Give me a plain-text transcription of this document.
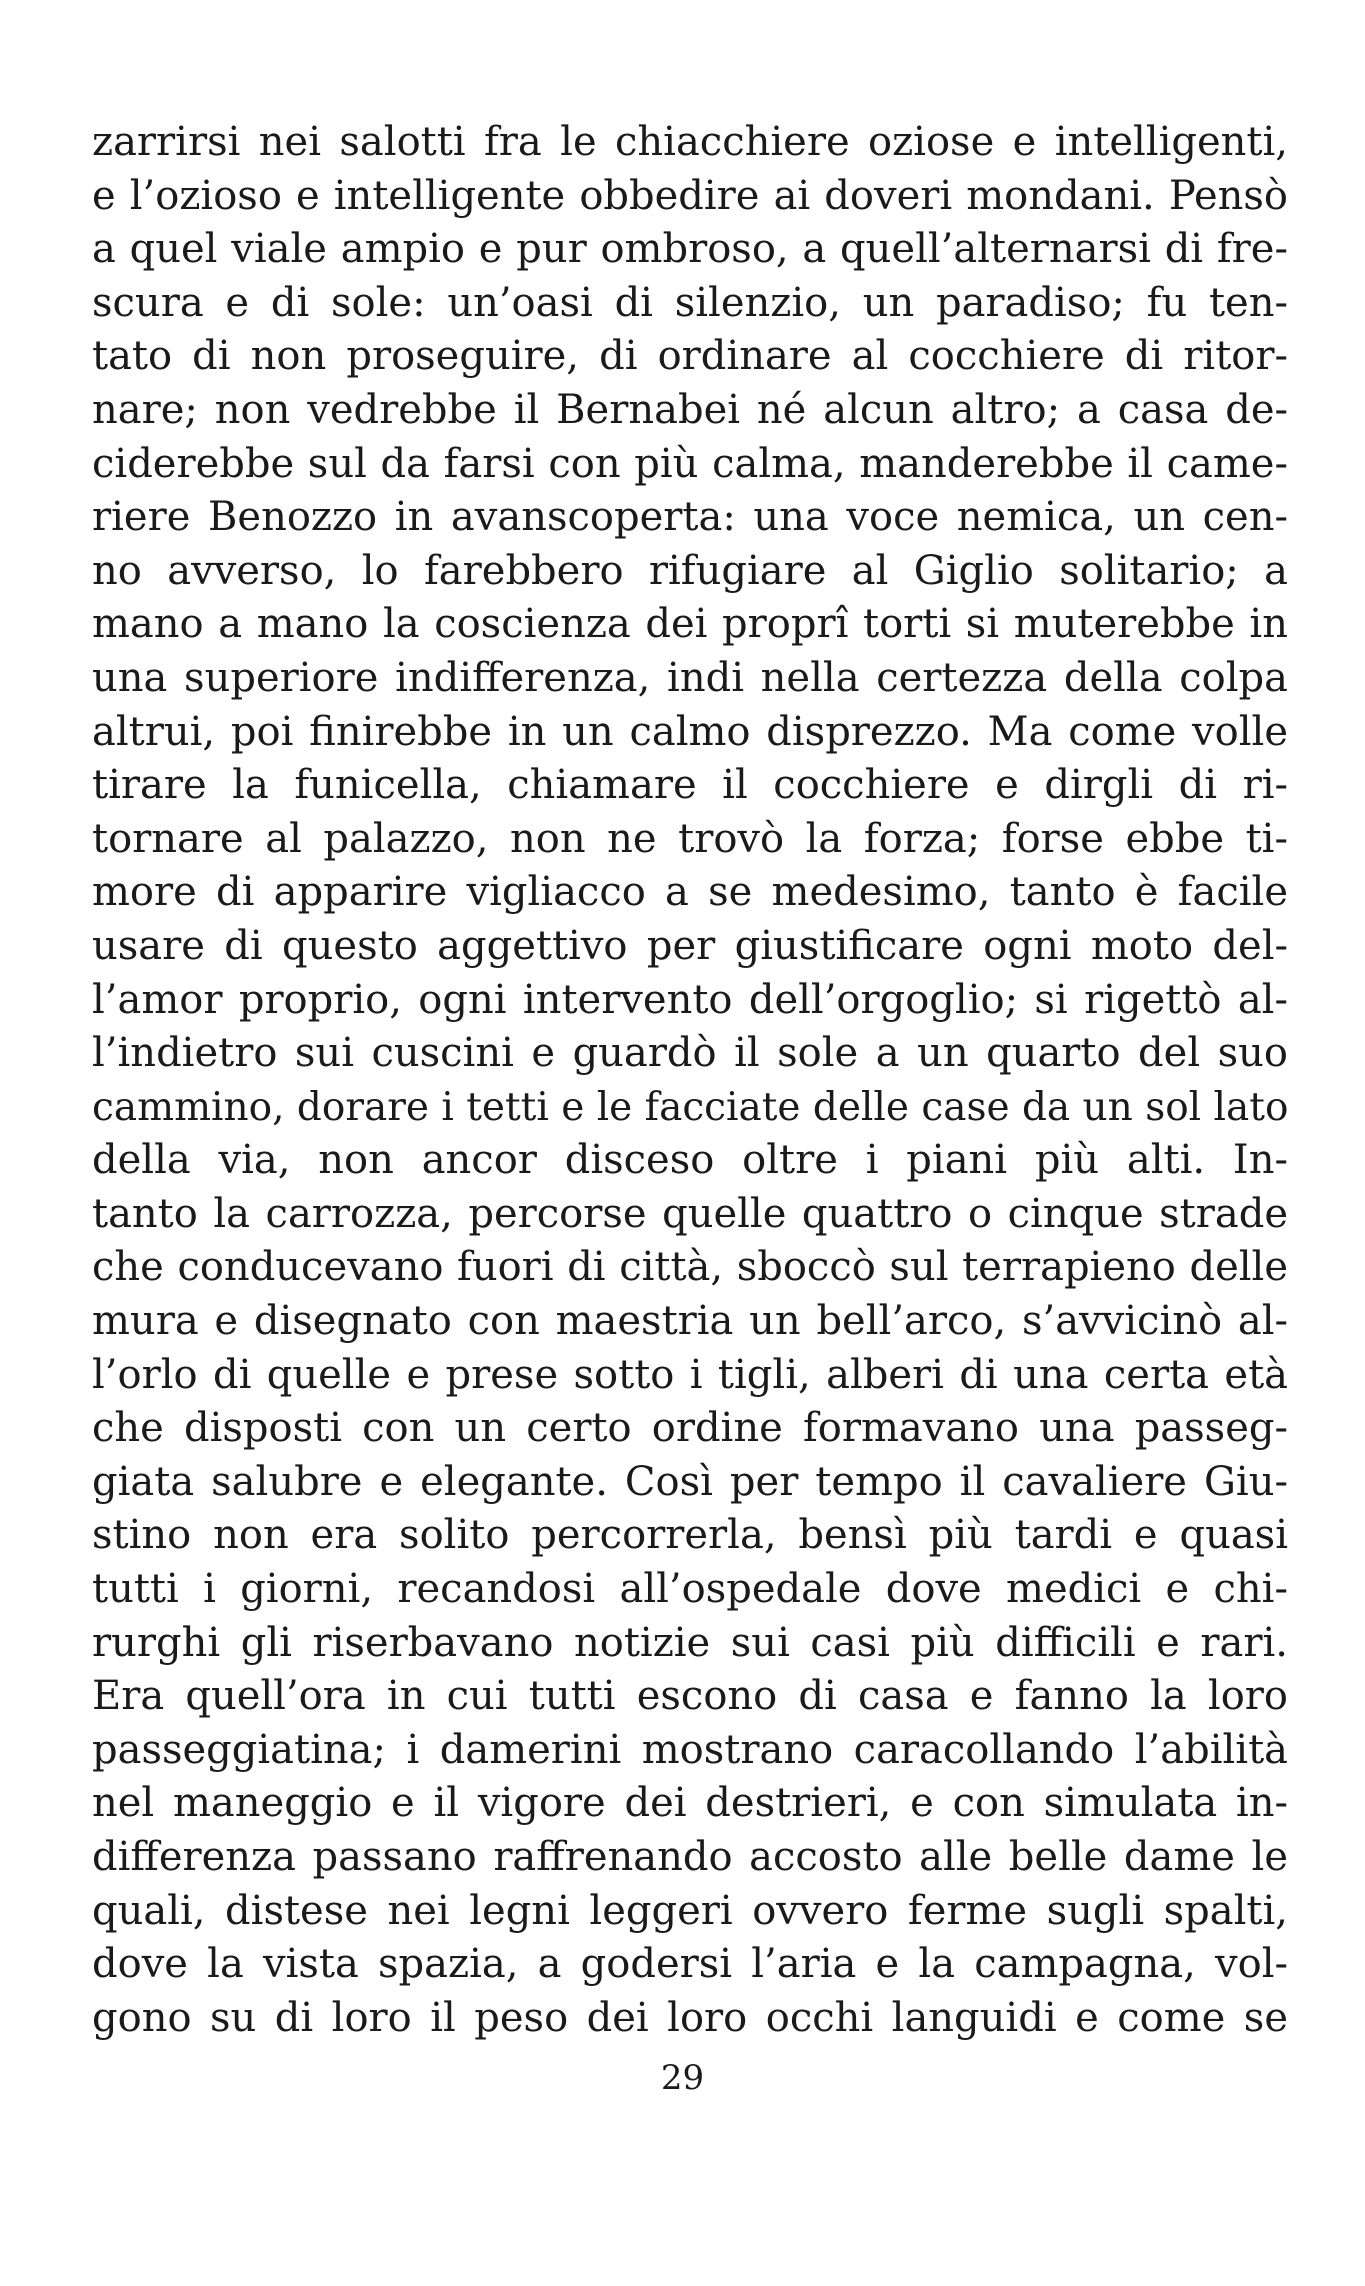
zarrirsi nei salotti fra le chiacchiere oziose e intelligenti,
e l’ozioso e intelligente obbedire ai doveri mondani. Pensò
a quel viale ampio e pur ombroso, a quell’alternarsi di fre-
scura e di sole: un’oasi di silenzio, un paradiso; fu ten-
tato di non proseguire, di ordinare al cocchiere di ritor-
nare; non vedrebbe il Bernabei né alcun altro; a casa de-
ciderebbe sul da farsi con più calma, manderebbe il came-
riere Benozzo in avanscoperta: una voce nemica, un cen-
no avverso, lo farebbero rifugiare al Giglio solitario; a
mano a mano la coscienza dei proprî torti si muterebbe in
una superiore indifferenza, indi nella certezza della colpa
altrui, poi finirebbe in un calmo disprezzo. Ma come volle
tirare la funicella, chiamare il cocchiere e dirgli di ri-
tornare al palazzo, non ne trovò la forza; forse ebbe ti-
more di apparire vigliacco a se medesimo, tanto è facile
usare di questo aggettivo per giustificare ogni moto del-
l’amor proprio, ogni intervento dell’orgoglio; si rigettò al-
l’indietro sui cuscini e guardò il sole a un quarto del suo
cammino, dorare i tetti e le facciate delle case da un sol lato
della via, non ancor disceso oltre i piani più alti. In-
tanto la carrozza, percorse quelle quattro o cinque strade
che conducevano fuori di città, sboccò sul terrapieno delle
mura e disegnato con maestria un bell’arco, s’avvicinò al-
l’orlo di quelle e prese sotto i tigli, alberi di una certa età
che disposti con un certo ordine formavano una passeg-
giata salubre e elegante. Così per tempo il cavaliere Giu-
stino non era solito percorrerla, bensì più tardi e quasi
tutti i giorni, recandosi all’ospedale dove medici e chi-
rurghi gli riserbavano notizie sui casi più difficili e rari.
Era quell’ora in cui tutti escono di casa e fanno la loro
passeggiatina; i damerini mostrano caracollando l’abilità
nel maneggio e il vigore dei destrieri, e con simulata in-
differenza passano raffrenando accosto alle belle dame le
quali, distese nei legni leggeri ovvero ferme sugli spalti,
dove la vista spazia, a godersi l’aria e la campagna, vol-
gono su di loro il peso dei loro occhi languidi e come se
29
